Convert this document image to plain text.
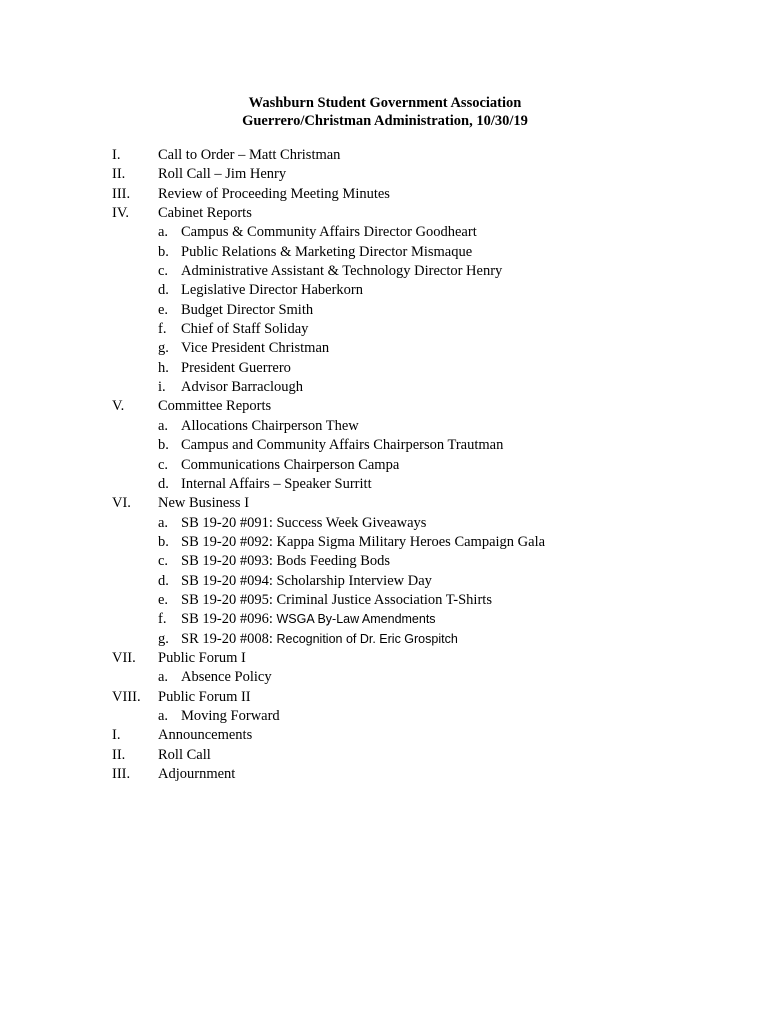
Washburn Student Government Association
Guerrero/Christman Administration, 10/30/19
I.	Call to Order – Matt Christman
II. Roll Call – Jim Henry
III. Review of Proceeding Meeting Minutes
IV. Cabinet Reports
a. Campus & Community Affairs Director Goodheart
b. Public Relations & Marketing Director Mismaque
c. Administrative Assistant & Technology Director Henry
d. Legislative Director Haberkorn
e. Budget Director Smith
f. Chief of Staff Soliday
g. Vice President Christman
h. President Guerrero
i. Advisor Barraclough
V. Committee Reports
a. Allocations Chairperson Thew
b. Campus and Community Affairs Chairperson Trautman
c. Communications Chairperson Campa
d. Internal Affairs – Speaker Surritt
VI. New Business I
a. SB 19-20 #091: Success Week Giveaways
b. SB 19-20 #092: Kappa Sigma Military Heroes Campaign Gala
c. SB 19-20 #093: Bods Feeding Bods
d. SB 19-20 #094: Scholarship Interview Day
e. SB 19-20 #095: Criminal Justice Association T-Shirts
f. SB 19-20 #096: WSGA By-Law Amendments
g. SR 19-20 #008: Recognition of Dr. Eric Grospitch
VII. Public Forum I
a. Absence Policy
VIII. Public Forum II
a. Moving Forward
I.	Announcements
II. Roll Call
III. Adjournment
